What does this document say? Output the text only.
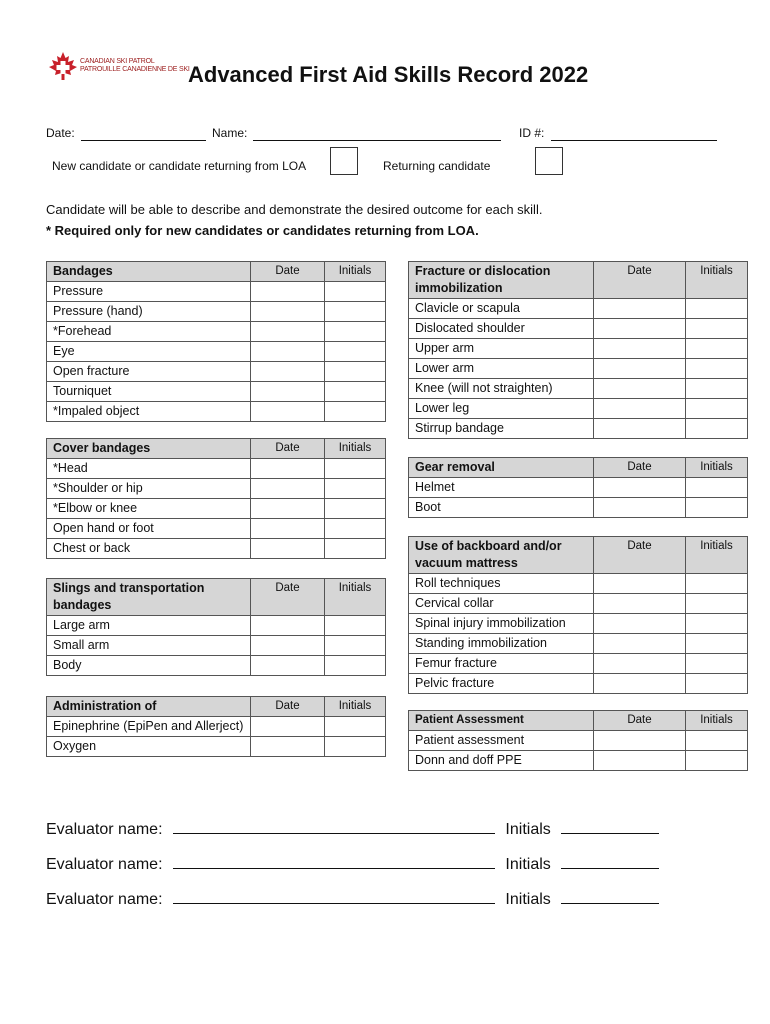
CANADIAN SKI PATROL
PATROUILLE CANADIENNE DE SKI
Advanced First Aid Skills Record 2022
Date:	Name:	ID #:
New candidate or candidate returning from LOA	Returning candidate
Candidate will be able to describe and demonstrate the desired outcome for each skill.
* Required only for new candidates or candidates returning from LOA.
Bandages	Date	Initials
Pressure		
Pressure (hand)		
*Forehead		
Eye		
Open fracture		
Tourniquet		
*Impaled object		
Cover bandages	Date	Initials
*Head		
*Shoulder or hip		
*Elbow or knee		
Open hand or foot		
Chest or back		
Slings and transportation bandages	Date	Initials
Large arm		
Small arm		
Body		
Administration of	Date	Initials
Epinephrine (EpiPen and Allerject)		
Oxygen		
Fracture or dislocation immobilization	Date	Initials
Clavicle or scapula		
Dislocated shoulder		
Upper arm		
Lower arm		
Knee (will not straighten)		
Lower leg		
Stirrup bandage		
Gear removal	Date	Initials
Helmet		
Boot		
Use of backboard and/or vacuum mattress	Date	Initials
Roll techniques		
Cervical collar		
Spinal injury immobilization		
Standing immobilization		
Femur fracture		
Pelvic fracture		
Patient Assessment	Date	Initials
Patient assessment		
Donn and doff PPE		
Evaluator name:	Initials
Evaluator name:	Initials
Evaluator name:	Initials
